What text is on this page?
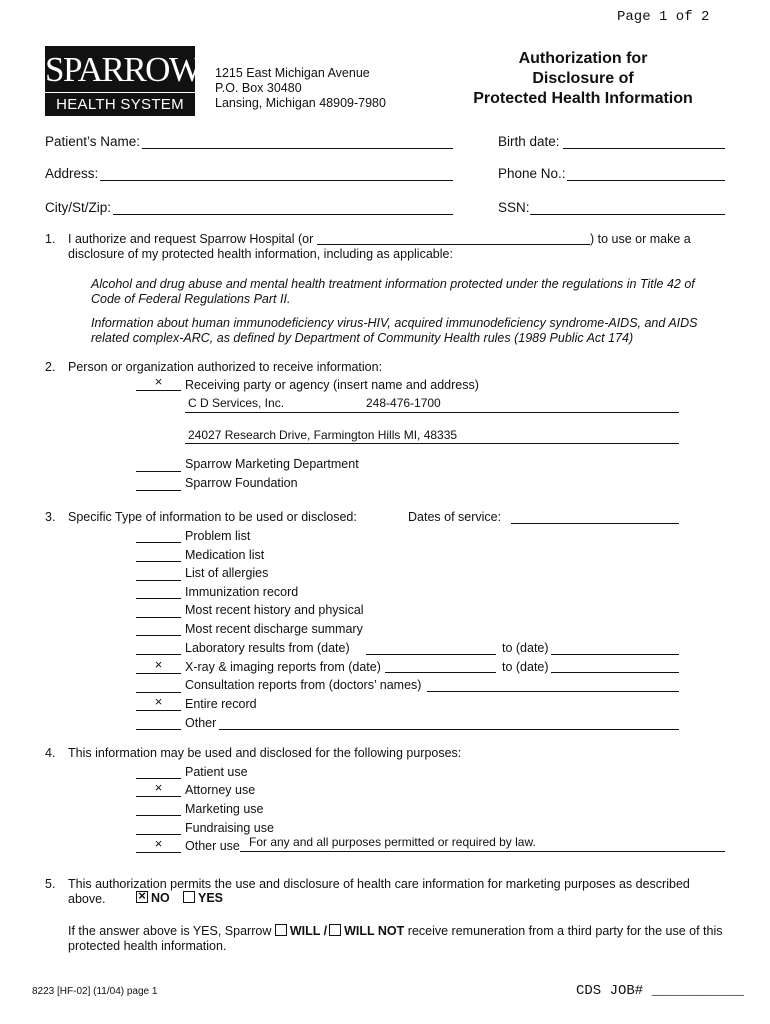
Page 1 of 2
SPARROW
HEALTH SYSTEM
1215 East Michigan Avenue
P.O. Box 30480
Lansing, Michigan 48909-7980
Authorization for
Disclosure of
Protected Health Information
Patient’s Name:	Birth date:
Address:	Phone No.:
City/St/Zip:	SSN:
1. I authorize and request Sparrow Hospital (or	) to use or make a
disclosure of my protected health information, including as applicable:
Alcohol and drug abuse and mental health treatment information protected under the regulations in Title 42 of
Code of Federal Regulations Part II.
Information about human immunodeficiency virus-HIV, acquired immunodeficiency syndrome-AIDS, and AIDS
related complex-ARC, as defined by Department of Community Health rules (1989 Public Act 174)
2. Person or organization authorized to receive information:
×	Receiving party or agency (insert name and address)
C D Services, Inc.	248-476-1700
24027 Research Drive, Farmington Hills MI, 48335
Sparrow Marketing Department
Sparrow Foundation
3. Specific Type of information to be used or disclosed:	Dates of service:
Problem list
Medication list
List of allergies
Immunization record
Most recent history and physical
Most recent discharge summary
Laboratory results from (date)	to (date)
×	X-ray & imaging reports from (date)	to (date)
Consultation reports from (doctors’ names)
×	Entire record
Other
4. This information may be used and disclosed for the following purposes:
Patient use
×	Attorney use
Marketing use
Fundraising use
×	Other use For any and all purposes permitted or required by law.
5. This authorization permits the use and disclosure of health care information for marketing purposes as described
above.
×	NO	YES
If the answer above is YES, Sparrow WILL / WILL NOT receive remuneration from a third party for the use of this
protected health information.
8223 [HF-02] (11/04) page 1	CDS JOB# ___________
